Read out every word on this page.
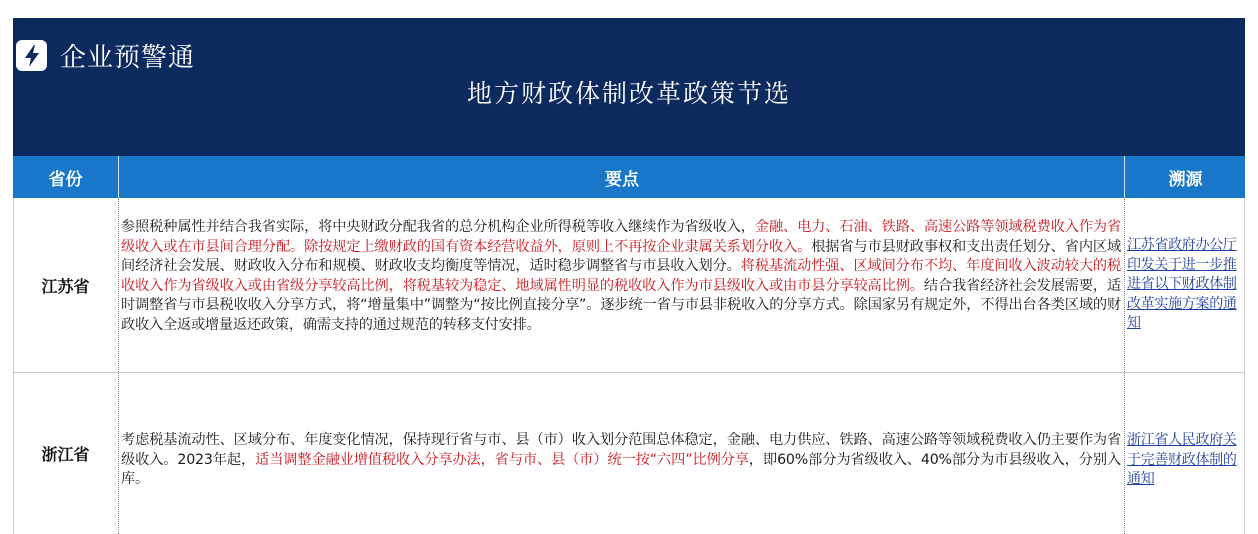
企业预警通
地方财政体制改革政策节选
省份	要点	溯源
江苏省
参照税种属性并结合我省实际，将中央财政分配我省的总分机构企业所得税等收入继续作为省级收入，金融、电力、石油、铁路、高速公路等领域税费收入作为省级收入或在市县间合理分配。除按规定上缴财政的国有资本经营收益外，原则上不再按企业隶属关系划分收入。根据省与市县财政事权和支出责任划分、省内区域间经济社会发展、财政收入分布和规模、财政收支均衡度等情况，适时稳步调整省与市县收入划分。将税基流动性强、区域间分布不均、年度间收入波动较大的税收收入作为省级收入或由省级分享较高比例，将税基较为稳定、地域属性明显的税收收入作为市县级收入或由市县分享较高比例。结合我省经济社会发展需要，适时调整省与市县税收收入分享方式，将“增量集中”调整为“按比例直接分享”。逐步统一省与市县非税收入的分享方式。除国家另有规定外，不得出台各类区域的财政收入全返或增量返还政策，确需支持的通过规范的转移支付安排。
江苏省政府办公厅印发关于进一步推进省以下财政体制改革实施方案的通知
浙江省
考虑税基流动性、区域分布、年度变化情况，保持现行省与市、县（市）收入划分范围总体稳定，金融、电力供应、铁路、高速公路等领域税费收入仍主要作为省级收入。2023年起，适当调整金融业增值税收入分享办法，省与市、县（市）统一按“六四”比例分享，即60%部分为省级收入、40%部分为市县级收入，分别入库。
浙江省人民政府关于完善财政体制的通知
